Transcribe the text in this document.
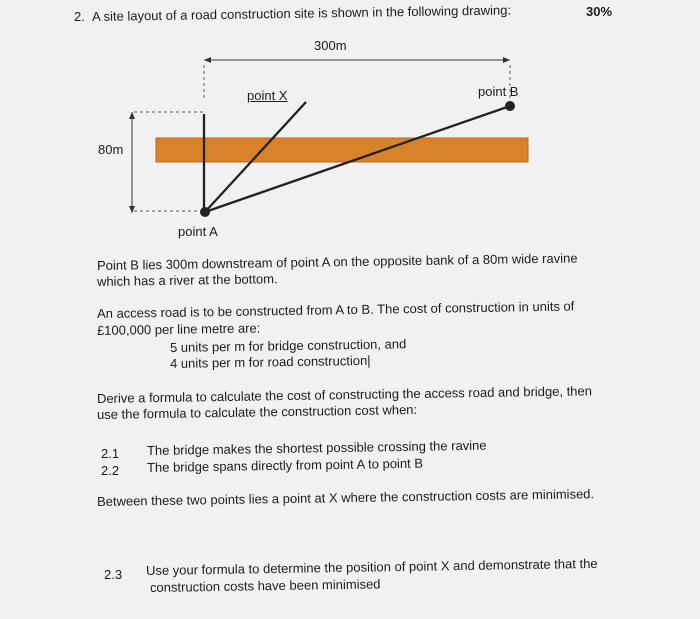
2. A site layout of a road construction site is shown in the following drawing:	30%
300m
80m
point X	point B
point A
Point B lies 300m downstream of point A on the opposite bank of a 80m wide ravine
which has a river at the bottom.
An access road is to be constructed from A to B. The cost of construction in units of
£100,000 per line metre are:
5 units per m for bridge construction, and
4 units per m for road construction|
Derive a formula to calculate the cost of constructing the access road and bridge, then
use the formula to calculate the construction cost when:
2.1 The bridge makes the shortest possible crossing the ravine
2.2 The bridge spans directly from point A to point B
Between these two points lies a point at X where the construction costs are minimised.
2.3 Use your formula to determine the position of point X and demonstrate that the
construction costs have been minimised
